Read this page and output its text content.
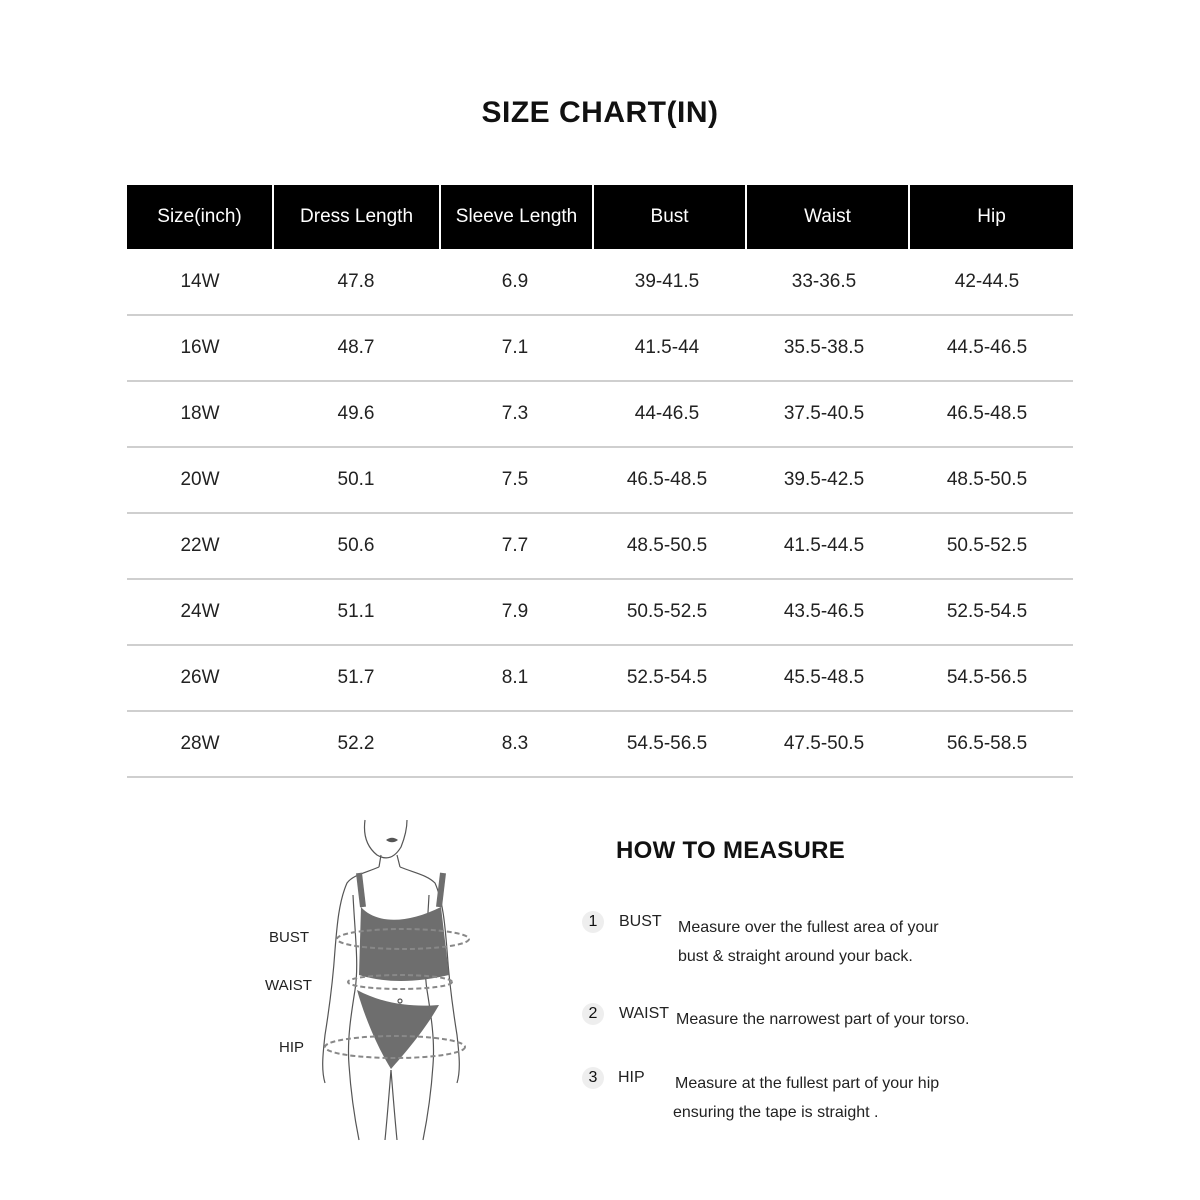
SIZE CHART(IN)
Size(inch)	Dress Length	Sleeve Length	Bust	Waist	Hip
14W	47.8	6.9	39-41.5	33-36.5	42-44.5
16W	48.7	7.1	41.5-44	35.5-38.5	44.5-46.5
18W	49.6	7.3	44-46.5	37.5-40.5	46.5-48.5
20W	50.1	7.5	46.5-48.5	39.5-42.5	48.5-50.5
22W	50.6	7.7	48.5-50.5	41.5-44.5	50.5-52.5
24W	51.1	7.9	50.5-52.5	43.5-46.5	52.5-54.5
26W	51.7	8.1	52.5-54.5	45.5-48.5	54.5-56.5
28W	52.2	8.3	54.5-56.5	47.5-50.5	56.5-58.5
BUST
WAIST
HIP
HOW TO MEASURE
1	BUST Measure over the fullest area of your
bust & straight around your back.
2	WAIST Measure the narrowest part of your torso.
3	HIP Measure at the fullest part of your hip
ensuring the tape is straight .
